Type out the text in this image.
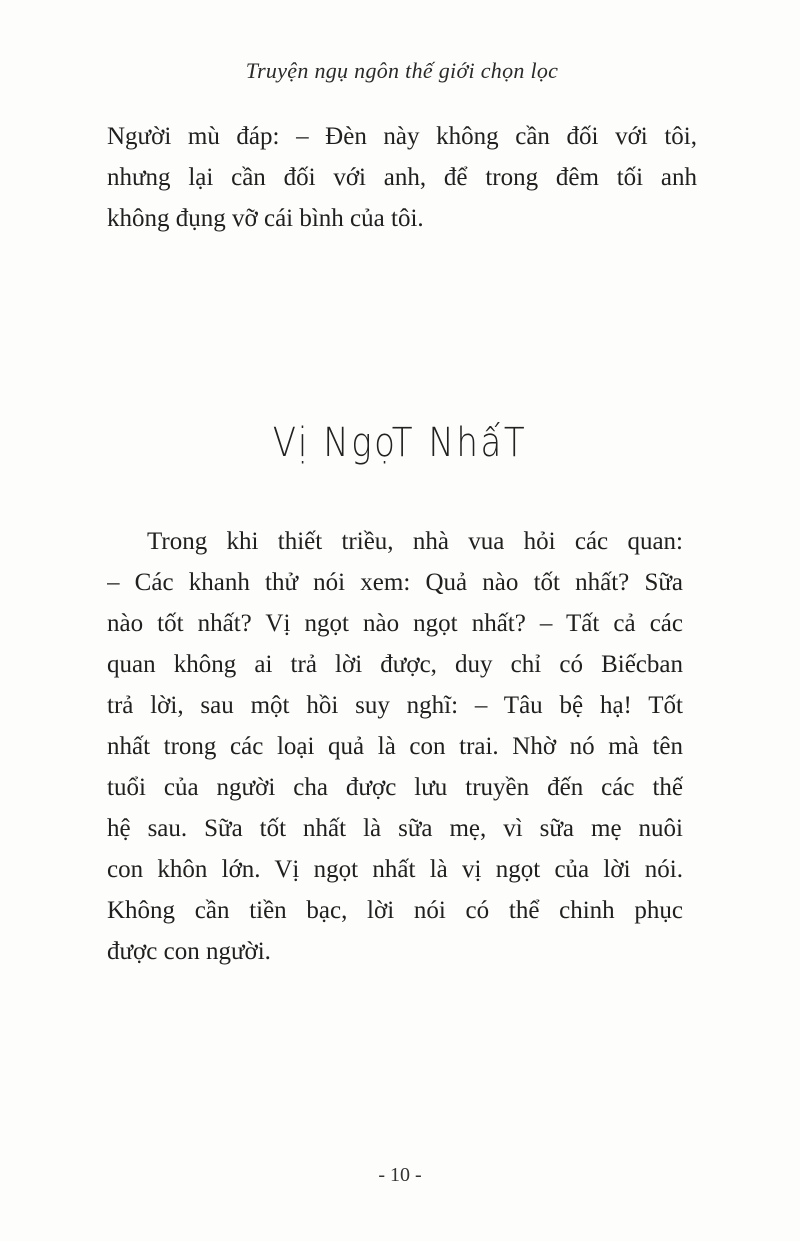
Truyện ngụ ngôn thế giới chọn lọc
Người mù đáp: – Đèn này không cần đối với tôi,
nhưng lại cần đối với anh, để trong đêm tối anh
không đụng vỡ cái bình của tôi.
Vị NgọT NhấT
Trong khi thiết triều, nhà vua hỏi các quan:
– Các khanh thử nói xem: Quả nào tốt nhất? Sữa
nào tốt nhất? Vị ngọt nào ngọt nhất? – Tất cả các
quan không ai trả lời được, duy chỉ có Biếcban
trả lời, sau một hồi suy nghĩ: – Tâu bệ hạ! Tốt
nhất trong các loại quả là con trai. Nhờ nó mà tên
tuổi của người cha được lưu truyền đến các thế
hệ sau. Sữa tốt nhất là sữa mẹ, vì sữa mẹ nuôi
con khôn lớn. Vị ngọt nhất là vị ngọt của lời nói.
Không cần tiền bạc, lời nói có thể chinh phục
được con người.
- 10 -
